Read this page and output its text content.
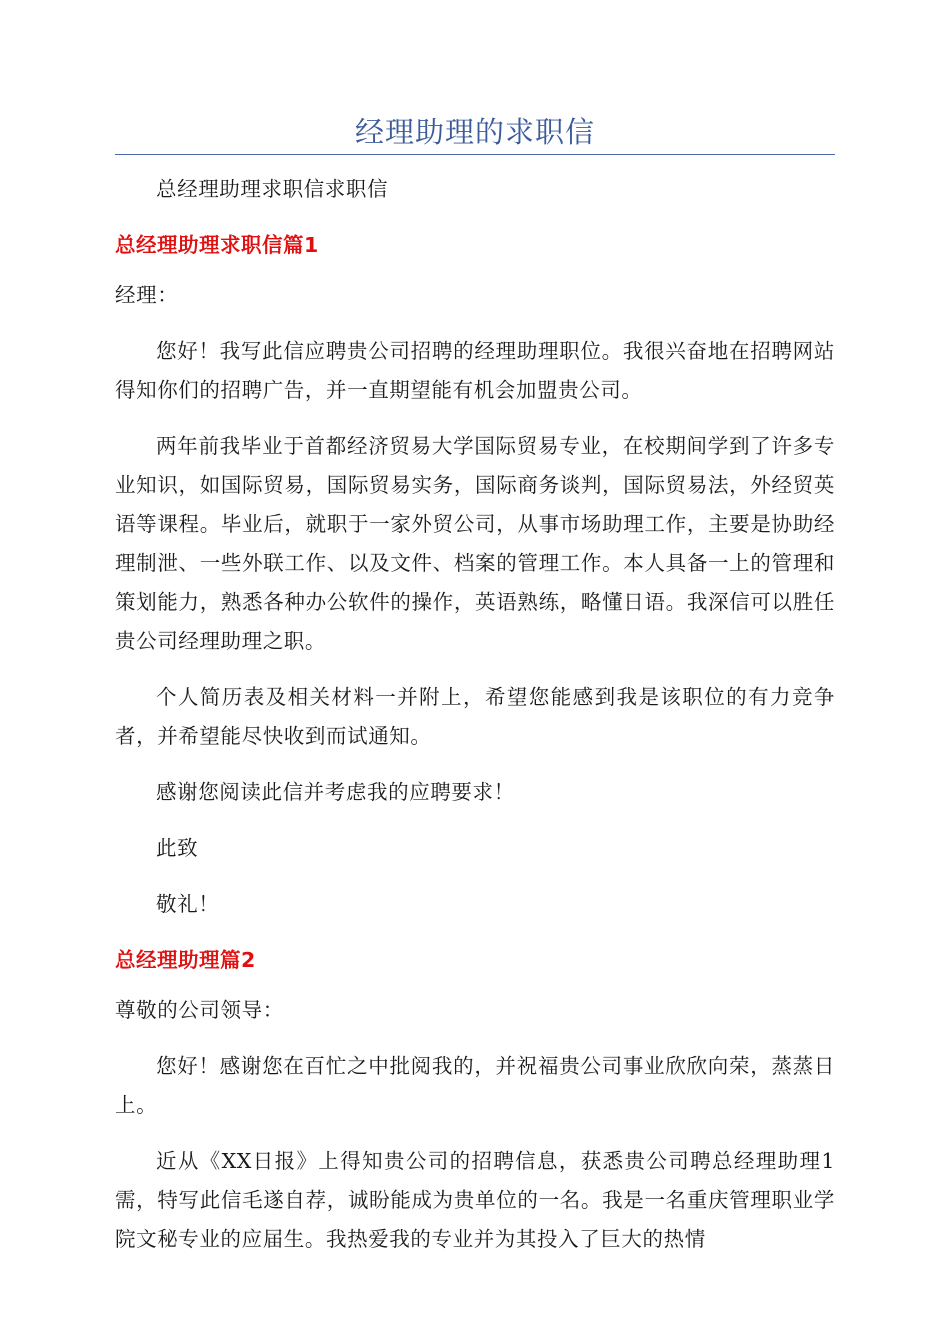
经理助理的求职信

总经理助理求职信求职信

总经理助理求职信篇1

经理：

您好！我写此信应聘贵公司招聘的经理助理职位。我很兴奋地在招聘网站得知你们的招聘广告，并一直期望能有机会加盟贵公司。

两年前我毕业于首都经济贸易大学国际贸易专业，在校期间学到了许多专业知识，如国际贸易，国际贸易实务，国际商务谈判，国际贸易法，外经贸英语等课程。毕业后，就职于一家外贸公司，从事市场助理工作，主要是协助经理制泄、一些外联工作、以及文件、档案的管理工作。本人具备一上的管理和策划能力，熟悉各种办公软件的操作，英语熟练，略懂日语。我深信可以胜任贵公司经理助理之职。

个人简历表及相关材料一并附上，希望您能感到我是该职位的有力竞争者，并希望能尽快收到而试通知。

感谢您阅读此信并考虑我的应聘要求！

此致

敬礼！

总经理助理篇2

尊敬的公司领导：

您好！感谢您在百忙之中批阅我的，并祝福贵公司事业欣欣向荣，蒸蒸日上。

近从《XX日报》上得知贵公司的招聘信息，获悉贵公司聘总经理助理1需，特写此信毛遂自荐，诚盼能成为贵单位的一名。我是一名重庆管理职业学院文秘专业的应届生。我热爱我的专业并为其投入了巨大的热情
